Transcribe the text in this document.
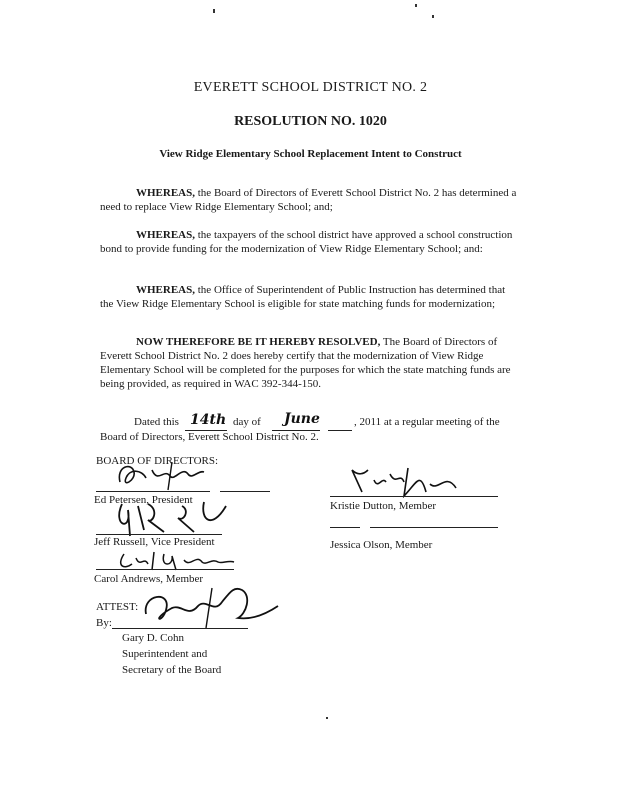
EVERETT SCHOOL DISTRICT NO. 2
RESOLUTION NO. 1020
View Ridge Elementary School Replacement Intent to Construct
WHEREAS, the Board of Directors of Everett School District No. 2 has determined a need to replace View Ridge Elementary School; and;
WHEREAS, the taxpayers of the school district have approved a school construction bond to provide funding for the modernization of View Ridge Elementary School; and:
WHEREAS, the Office of Superintendent of Public Instruction has determined that the View Ridge Elementary School is eligible for state matching funds for modernization;
NOW THEREFORE BE IT HEREBY RESOLVED, The Board of Directors of Everett School District No. 2 does hereby certify that the modernization of View Ridge Elementary School will be completed for the purposes for which the state matching funds are being provided, as required in WAC 392-344-150.
Dated this 14th day of June	, 2011 at a regular meeting of the
Board of Directors, Everett School District No. 2.
BOARD OF DIRECTORS:
Ed Petersen, President
Jeff Russell, Vice President
Carol Andrews, Member
Kristie Dutton, Member
Jessica Olson, Member
ATTEST:
By:
Gary D. Cohn
Superintendent and
Secretary of the Board
